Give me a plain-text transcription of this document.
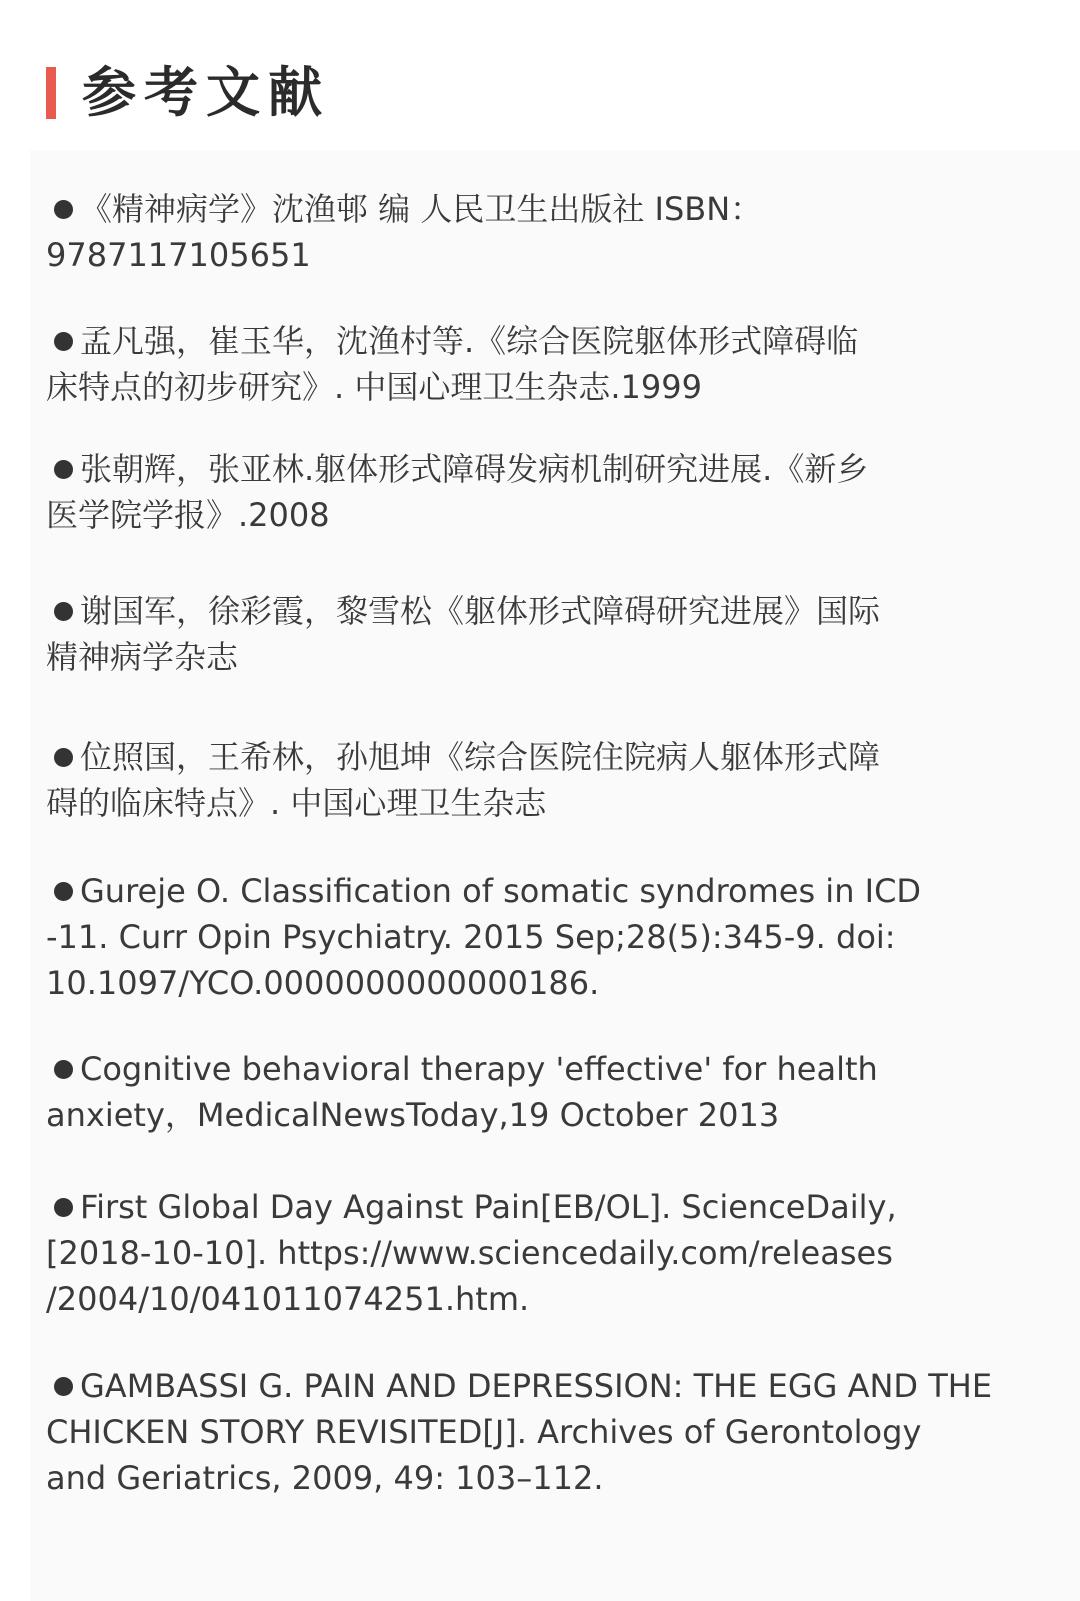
参考文献
《精神病学》沈渔邨 编 人民卫生出版社 ISBN：
9787117105651
孟凡强，崔玉华，沈渔村等.《综合医院躯体形式障碍临
床特点的初步研究》. 中国心理卫生杂志.1999
张朝辉，张亚林.躯体形式障碍发病机制研究进展.《新乡
医学院学报》.2008
谢国军，徐彩霞，黎雪松《躯体形式障碍研究进展》国际
精神病学杂志
位照国，王希林，孙旭坤《综合医院住院病人躯体形式障
碍的临床特点》. 中国心理卫生杂志
Gureje O. Classification of somatic syndromes in ICD
-11. Curr Opin Psychiatry. 2015 Sep;28(5):345-9. doi:
10.1097/YCO.0000000000000186.
Cognitive behavioral therapy 'effective' for health
anxiety，MedicalNewsToday,19 October 2013
First Global Day Against Pain[EB/OL]. ScienceDaily,
[2018-10-10]. https://www.sciencedaily.com/releases
/2004/10/041011074251.htm.
GAMBASSI G. PAIN AND DEPRESSION: THE EGG AND THE
CHICKEN STORY REVISITED[J]. Archives of Gerontology
and Geriatrics, 2009, 49: 103–112.
